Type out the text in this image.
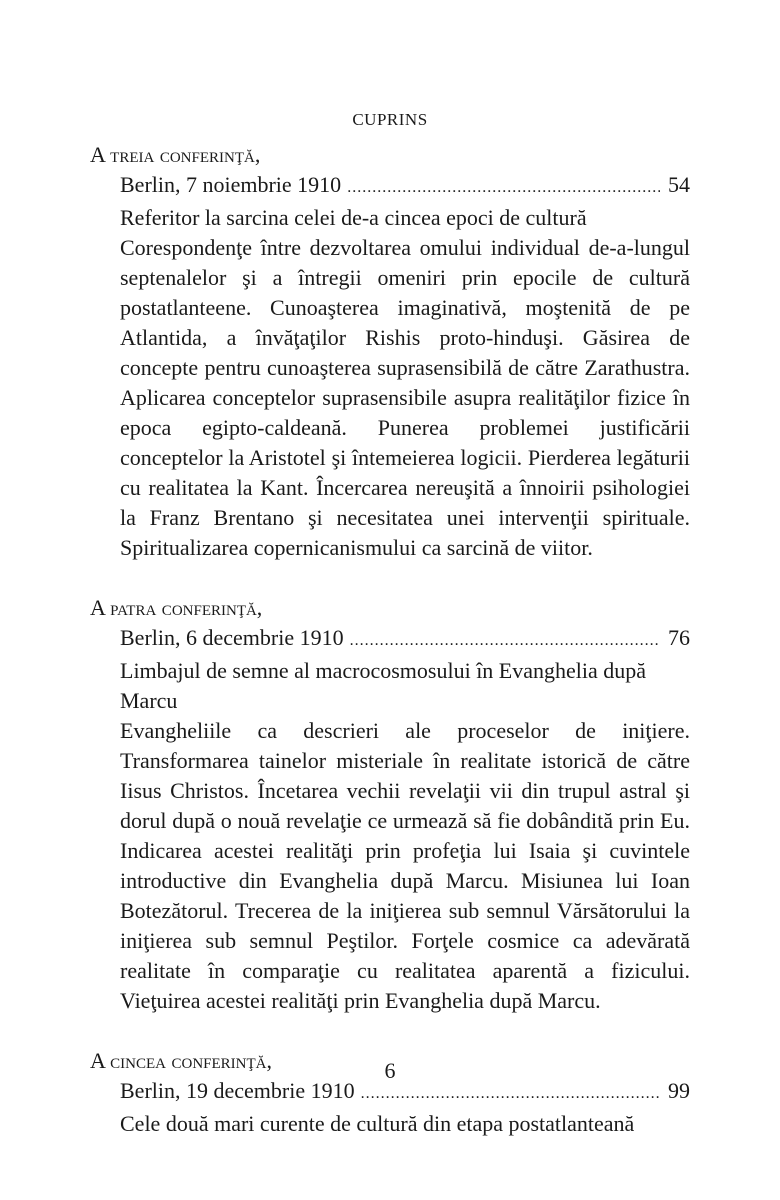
CUPRINS
A treia conferinţă,
Berlin, 7 noiembrie 1910 .....	54
Referitor la sarcina celei de-a cincea epoci de cultură
Corespondenţe între dezvoltarea omului individual de-a-lungul septenalelor şi a întregii omeniri prin epocile de cultură postatlanteene. Cunoaşterea imaginativă, moştenită de pe Atlantida, a învăţaţilor Rishis proto-hinduşi. Găsirea de concepte pentru cunoaşterea suprasensibilă de către Zarathustra. Aplicarea conceptelor suprasensibile asupra realităţilor fizice în epoca egipto-caldeană. Punerea problemei justificării conceptelor la Aristotel şi întemeierea logicii. Pierderea legăturii cu realitatea la Kant. Încercarea nereuşită a înnoirii psihologiei la Franz Brentano şi necesitatea unei intervenţii spirituale. Spiritualizarea copernicanismului ca sarcină de viitor.
A patra conferinţă,
Berlin, 6 decembrie 1910 .....	76
Limbajul de semne al macrocosmosului în Evanghelia după Marcu
Evangheliile ca descrieri ale proceselor de iniţiere. Transformarea tainelor misteriale în realitate istorică de către Iisus Christos. Încetarea vechii revelaţii vii din trupul astral şi dorul după o nouă revelaţie ce urmează să fie dobândită prin Eu. Indicarea acestei realităţi prin profeţia lui Isaia şi cuvintele introductive din Evanghelia după Marcu. Misiunea lui Ioan Botezătorul. Trecerea de la iniţierea sub semnul Vărsătorului la iniţierea sub semnul Peştilor. Forţele cosmice ca adevărată realitate în comparaţie cu realitatea aparentă a fizicului. Vieţuirea acestei realităţi prin Evanghelia după Marcu.
A cincea conferinţă,
Berlin, 19 decembrie 1910 .....	99
Cele două mari curente de cultură din etapa postatlanteană
6
